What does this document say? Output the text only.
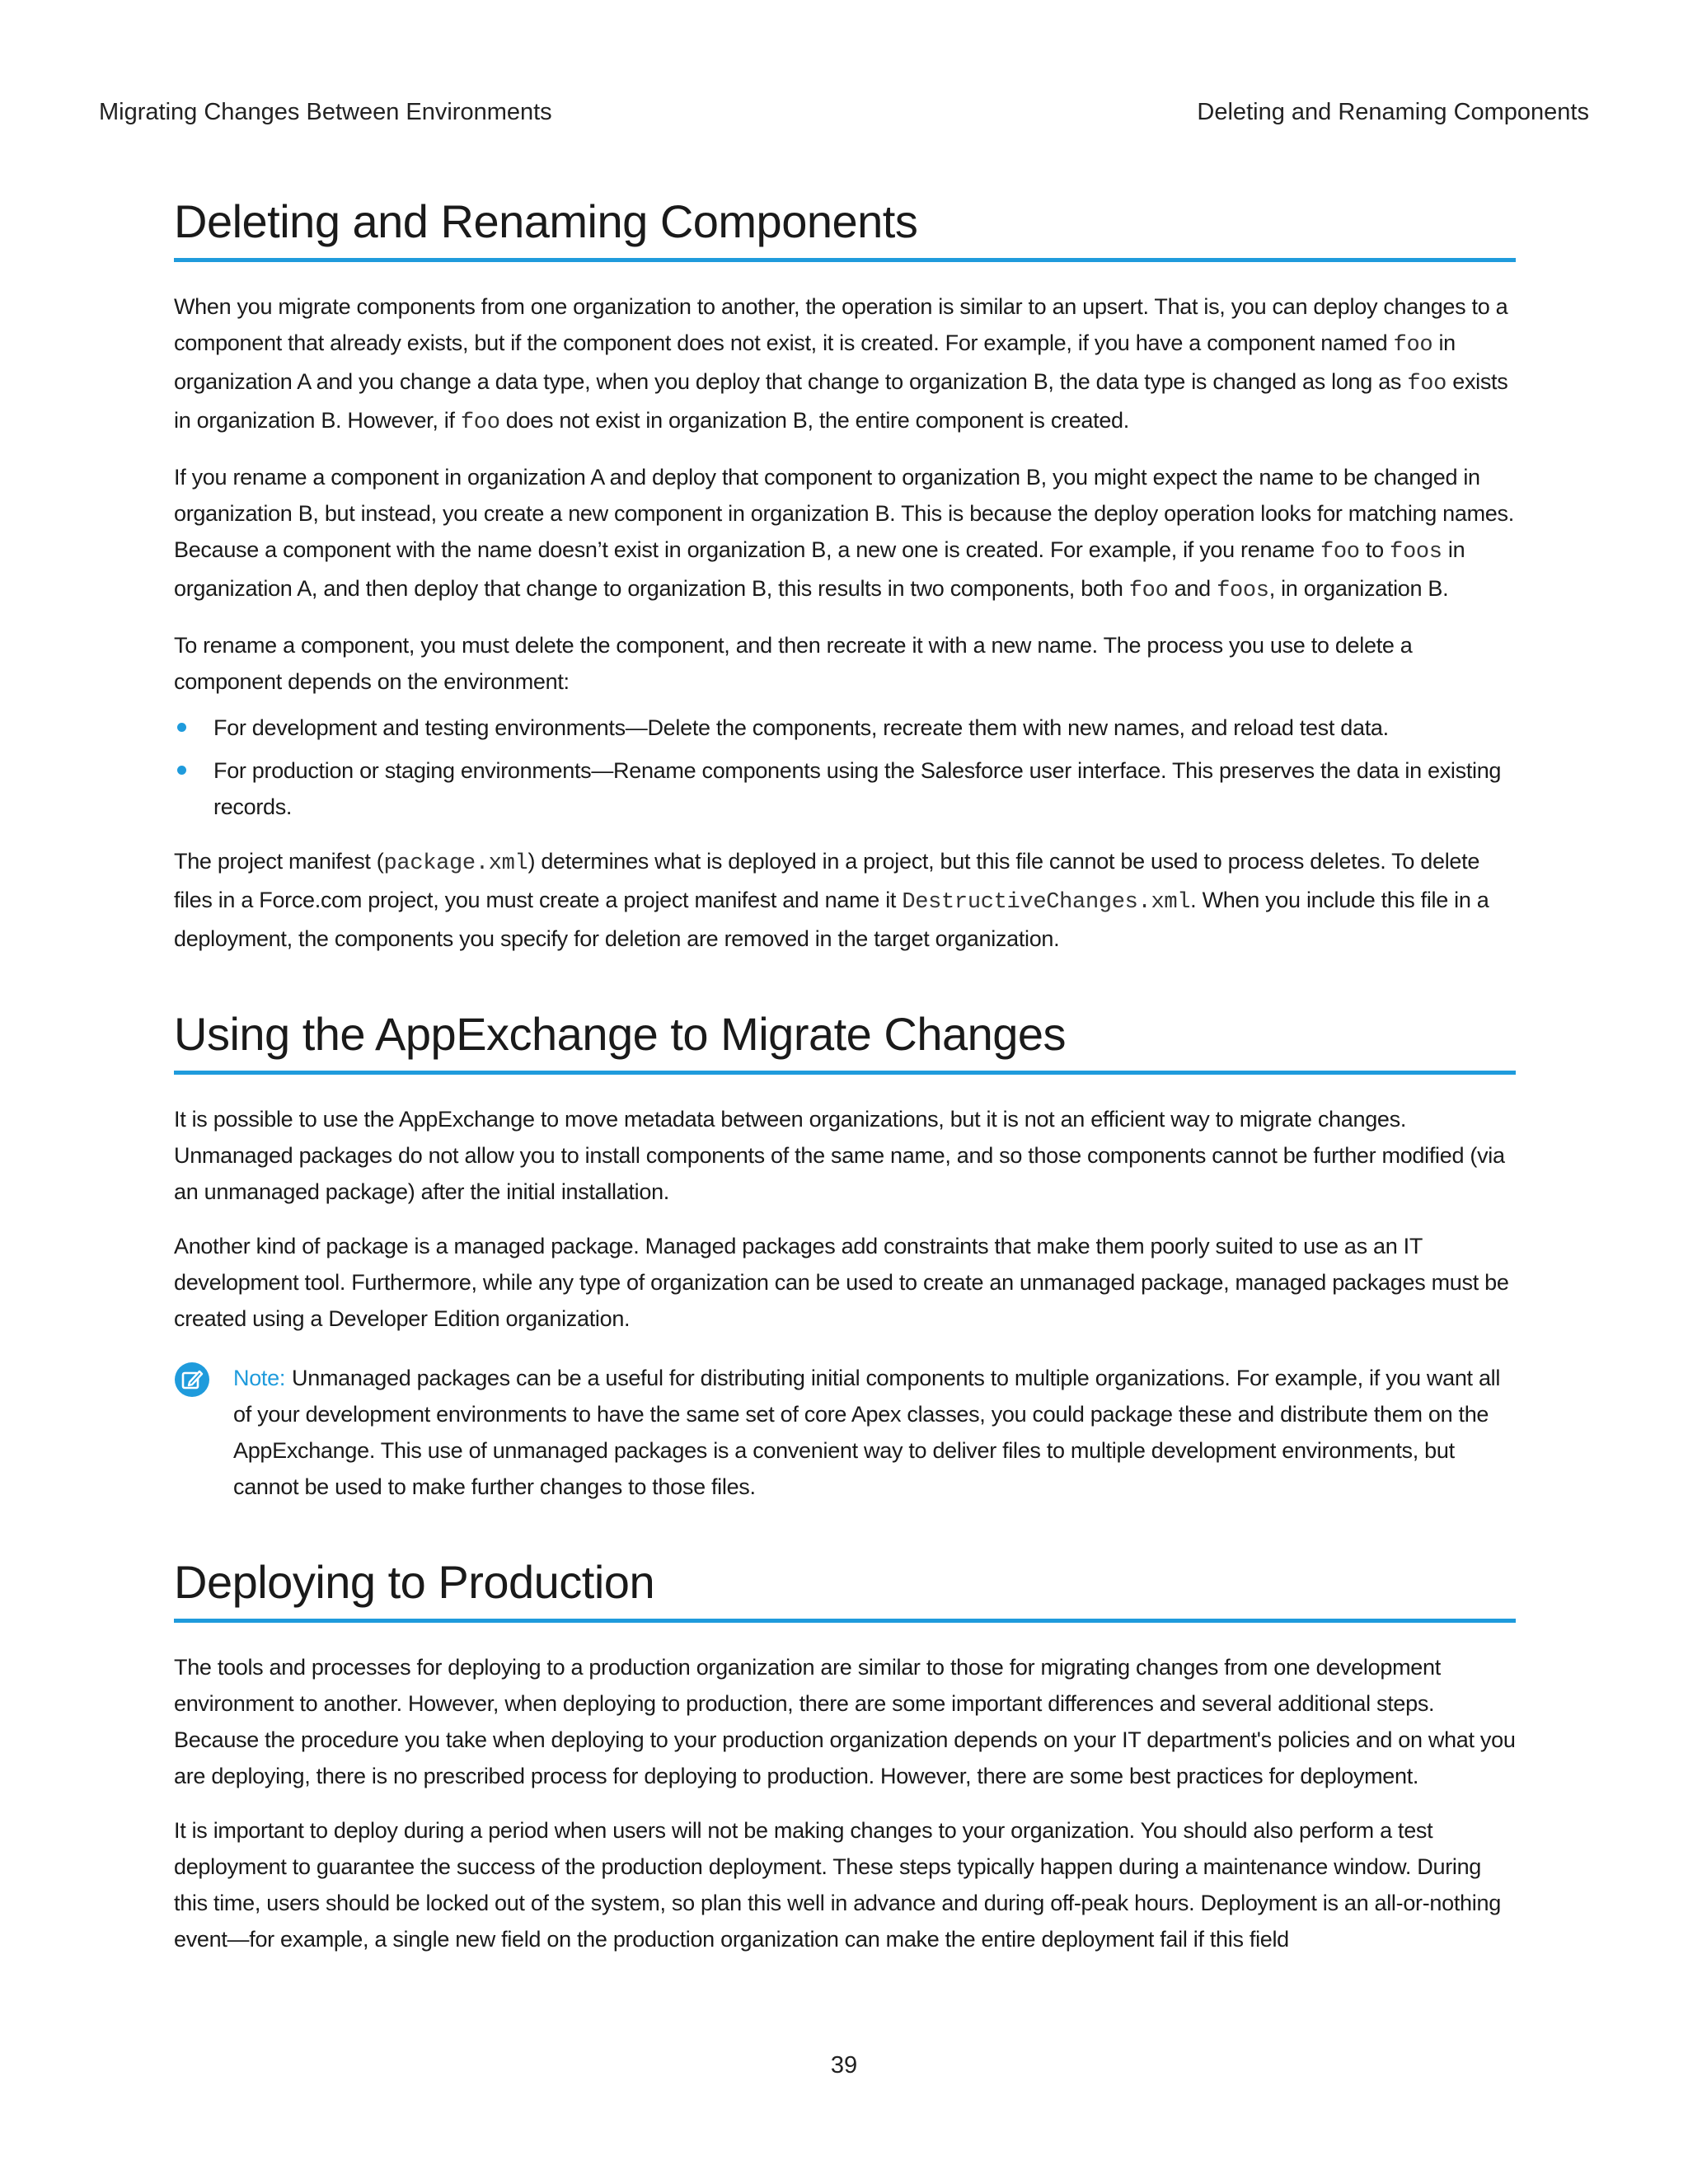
Migrating Changes Between Environments	Deleting and Renaming Components
Deleting and Renaming Components

When you migrate components from one organization to another, the operation is similar to an upsert. That is, you can deploy changes to a component that already exists, but if the component does not exist, it is created. For example, if you have a component named foo in organization A and you change a data type, when you deploy that change to organization B, the data type is changed as long as foo exists in organization B. However, if foo does not exist in organization B, the entire component is created.

If you rename a component in organization A and deploy that component to organization B, you might expect the name to be changed in organization B, but instead, you create a new component in organization B. This is because the deploy operation looks for matching names. Because a component with the name doesn’t exist in organization B, a new one is created. For example, if you rename foo to foos in organization A, and then deploy that change to organization B, this results in two components, both foo and foos, in organization B.

To rename a component, you must delete the component, and then recreate it with a new name. The process you use to delete a component depends on the environment:

For development and testing environments—Delete the components, recreate them with new names, and reload test data.
For production or staging environments—Rename components using the Salesforce user interface. This preserves the data in existing records.

The project manifest (package.xml) determines what is deployed in a project, but this file cannot be used to process deletes. To delete files in a Force.com project, you must create a project manifest and name it DestructiveChanges.xml. When you include this file in a deployment, the components you specify for deletion are removed in the target organization.

Using the AppExchange to Migrate Changes

It is possible to use the AppExchange to move metadata between organizations, but it is not an efficient way to migrate changes. Unmanaged packages do not allow you to install components of the same name, and so those components cannot be further modified (via an unmanaged package) after the initial installation.

Another kind of package is a managed package. Managed packages add constraints that make them poorly suited to use as an IT development tool. Furthermore, while any type of organization can be used to create an unmanaged package, managed packages must be created using a Developer Edition organization.

Note: Unmanaged packages can be a useful for distributing initial components to multiple organizations. For example, if you want all of your development environments to have the same set of core Apex classes, you could package these and distribute them on the AppExchange. This use of unmanaged packages is a convenient way to deliver files to multiple development environments, but cannot be used to make further changes to those files.
Deploying to Production

The tools and processes for deploying to a production organization are similar to those for migrating changes from one development environment to another. However, when deploying to production, there are some important differences and several additional steps. Because the procedure you take when deploying to your production organization depends on your IT department's policies and on what you are deploying, there is no prescribed process for deploying to production. However, there are some best practices for deployment.

It is important to deploy during a period when users will not be making changes to your organization. You should also perform a test deployment to guarantee the success of the production deployment. These steps typically happen during a maintenance window. During this time, users should be locked out of the system, so plan this well in advance and during off-peak hours. Deployment is an all-or-nothing event—for example, a single new field on the production organization can make the entire deployment fail if this field

39
